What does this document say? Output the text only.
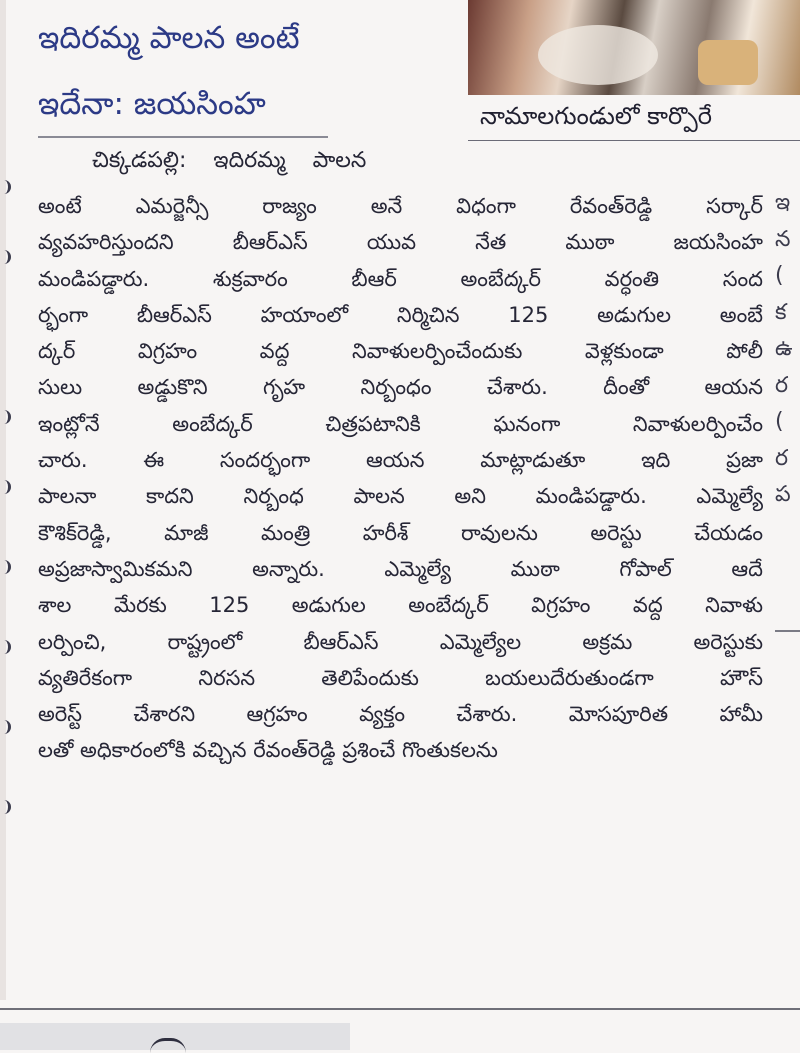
ఇదిరమ్మ పాలన అంటే
ఇదేనా: జయసింహ	నామాలగుండులో కార్పొరే
చిక్కడపల్లి: ఇదిరమ్మ పాలన
అంటే ఎమర్జెన్సీ రాజ్యం అనే విధంగా రేవంత్‌రెడ్డి సర్కార్
వ్యవహరిస్తుందని బీఆర్‌ఎస్ యువ నేత ముఠా జయసింహ
మండిపడ్డారు. శుక్రవారం బీఆర్ అంబేద్కర్ వర్ధంతి సంద
ర్భంగా బీఆర్‌ఎస్ హయాంలో నిర్మిచిన 125 అడుగుల అంబే
ద్కర్ విగ్రహం వద్ద నివాళులర్పించేందుకు వెళ్లకుండా పోలీ
సులు అడ్డుకొని గృహ నిర్బంధం చేశారు. దీంతో ఆయన
ఇంట్లోనే అంబేద్కర్ చిత్రపటానికి ఘనంగా నివాళులర్పించేం
చారు. ఈ సందర్భంగా ఆయన మాట్లాడుతూ ఇది ప్రజా
పాలనా కాదని నిర్బంధ పాలన అని మండిపడ్డారు. ఎమ్మెల్యే
కౌశిక్‌రెడ్డి, మాజీ మంత్రి హరీశ్ రావులను అరెస్టు చేయడం
అప్రజాస్వామికమని అన్నారు. ఎమ్మెల్యే ముఠా గోపాల్ ఆదే
శాల మేరకు 125 అడుగుల అంబేద్కర్ విగ్రహం వద్ద నివాళు
లర్పించి, రాష్ట్రంలో బీఆర్‌ఎస్ ఎమ్మెల్యేల అక్రమ అరెస్టుకు
వ్యతిరేకంగా నిరసన తెలిపేందుకు బయలుదేరుతుండగా హౌస్
అరెస్ట్ చేశారని ఆగ్రహం వ్యక్తం చేశారు. మోసపూరిత హామీ
లతో అధికారంలోకి వచ్చిన రేవంత్‌రెడ్డి ప్రశించే గొంతుకలను
ఇ
న
(
క
ఉ
ర
(
ర
ప
